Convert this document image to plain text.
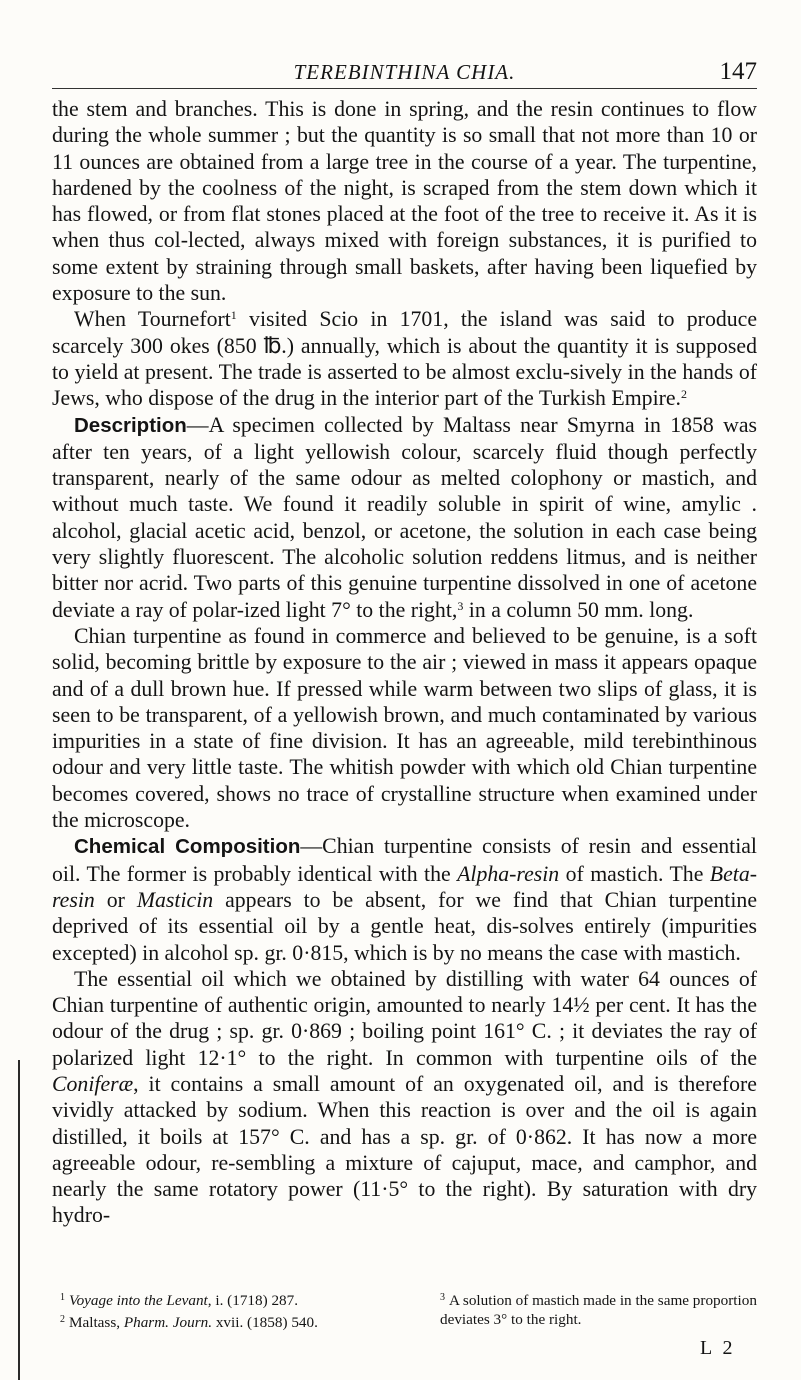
TEREBINTHINA CHIA.	147

the stem and branches. This is done in spring, and the resin continues to flow during the whole summer ; but the quantity is so small that not more than 10 or 11 ounces are obtained from a large tree in the course of a year. The turpentine, hardened by the coolness of the night, is scraped from the stem down which it has flowed, or from flat stones placed at the foot of the tree to receive it. As it is when thus col-lected, always mixed with foreign substances, it is purified to some extent by straining through small baskets, after having been liquefied by exposure to the sun.

When Tournefort$^1$ visited Scio in 1701, the island was said to produce scarcely 300 okes (850 ℔.) annually, which is about the quantity it is supposed to yield at present. The trade is asserted to be almost exclu-sively in the hands of Jews, who dispose of the drug in the interior part of the Turkish Empire.$^2$

Description—A specimen collected by Maltass near Smyrna in 1858 was after ten years, of a light yellowish colour, scarcely fluid though perfectly transparent, nearly of the same odour as melted colophony or mastich, and without much taste. We found it readily soluble in spirit of wine, amylic . alcohol, glacial acetic acid, benzol, or acetone, the solution in each case being very slightly fluorescent. The alcoholic solution reddens litmus, and is neither bitter nor acrid. Two parts of this genuine turpentine dissolved in one of acetone deviate a ray of polar-ized light 7° to the right,$^3$ in a column 50 mm. long.

Chian turpentine as found in commerce and believed to be genuine, is a soft solid, becoming brittle by exposure to the air ; viewed in mass it appears opaque and of a dull brown hue. If pressed while warm between two slips of glass, it is seen to be transparent, of a yellowish brown, and much contaminated by various impurities in a state of fine division. It has an agreeable, mild terebinthinous odour and very little taste. The whitish powder with which old Chian turpentine becomes covered, shows no trace of crystalline structure when examined under the microscope.

Chemical Composition—Chian turpentine consists of resin and essential oil. The former is probably identical with the Alpha-resin of mastich. The Beta-resin or Masticin appears to be absent, for we find that Chian turpentine deprived of its essential oil by a gentle heat, dis-solves entirely (impurities excepted) in alcohol sp. gr. 0·815, which is by no means the case with mastich.

The essential oil which we obtained by distilling with water 64 ounces of Chian turpentine of authentic origin, amounted to nearly 14½ per cent. It has the odour of the drug ; sp. gr. 0·869 ; boiling point 161° C. ; it deviates the ray of polarized light 12·1° to the right. In common with turpentine oils of the Coniferæ, it contains a small amount of an oxygenated oil, and is therefore vividly attacked by sodium. When this reaction is over and the oil is again distilled, it boils at 157° C. and has a sp. gr. of 0·862. It has now a more agreeable odour, re-sembling a mixture of cajuput, mace, and camphor, and nearly the same rotatory power (11·5° to the right). By saturation with dry hydro-

$^1$ Voyage into the Levant, i. (1718) 287.

$^2$ Maltass, Pharm. Journ. xvii. (1858) 540.

$^3$ A solution of mastich made in the same proportion deviates 3° to the right.

L 2
